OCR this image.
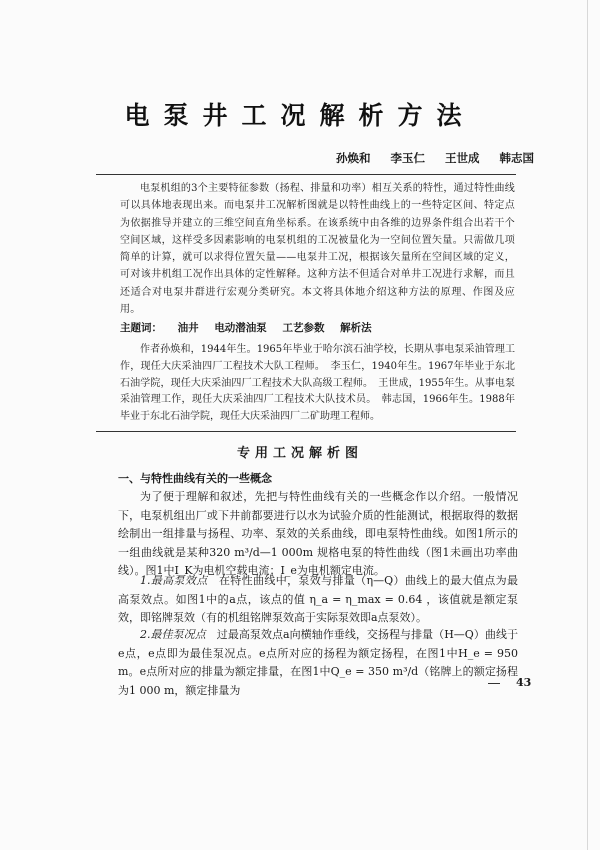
电泵井工况解析方法
孙焕和 李玉仁 王世成 韩志国

电泵机组的3个主要特征参数（扬程、排量和功率）相互关系的特性，通过特性曲线可以具体地表现出来。而电泵井工况解析图就是以特性曲线上的一些特定区间、特定点为依据推导并建立的三维空间直角坐标系。在该系统中由各维的边界条件组合出若干个空间区域，这样受多因素影响的电泵机组的工况被量化为一空间位置矢量。只需做几项简单的计算，就可以求得位置矢量——电泵井工况，根据该矢量所在空间区域的定义，可对该井机组工况作出具体的定性解释。这种方法不但适合对单井工况进行求解，而且还适合对电泵井群进行宏观分类研究。本文将具体地介绍这种方法的原理、作图及应用。

主题词： 油井 电动潜油泵 工艺参数 解析法

作者孙焕和，1944年生。1965年毕业于哈尔滨石油学校，长期从事电泵采油管理工作，现任大庆采油四厂工程技术大队工程师。　李玉仁，1940年生。1967年毕业于东北石油学院，现任大庆采油四厂工程技术大队高级工程师。　王世成，1955年生。从事电泵采油管理工作，现任大庆采油四厂工程技术大队技术员。　韩志国，1966年生。1988年毕业于东北石油学院，现任大庆采油四厂二矿助理工程师。

专用工况解析图
一、与特性曲线有关的一些概念

为了便于理解和叙述，先把与特性曲线有关的一些概念作以介绍。一般情况下，电泵机组出厂或下井前都要进行以水为试验介质的性能测试，根据取得的数据绘制出一组排量与扬程、功率、泵效的关系曲线，即电泵特性曲线。如图1所示的一组曲线就是某种320 m³/d—1 000m 规格电泵的特性曲线（图1未画出功率曲线）。图1中I_K为电机空载电流；I_e为电机额定电流。

1.最高泵效点  在特性曲线中，泵效与排量（η—Q）曲线上的最大值点为最高泵效点。如图1中的a点，该点的值 η_a = η_max = 0.64 ，该值就是额定泵效，即铭牌泵效（有的机组铭牌泵效高于实际泵效即a点泵效）。

2.最佳泵况点  过最高泵效点a向横轴作垂线，交扬程与排量（H—Q）曲线于e点，e点即为最佳泵况点。e点所对应的扬程为额定扬程，在图1中H_e = 950 m。e点所对应的排量为额定排量，在图1中Q_e = 350 m³/d（铭牌上的额定扬程为1 000 m，额定排量为

43
